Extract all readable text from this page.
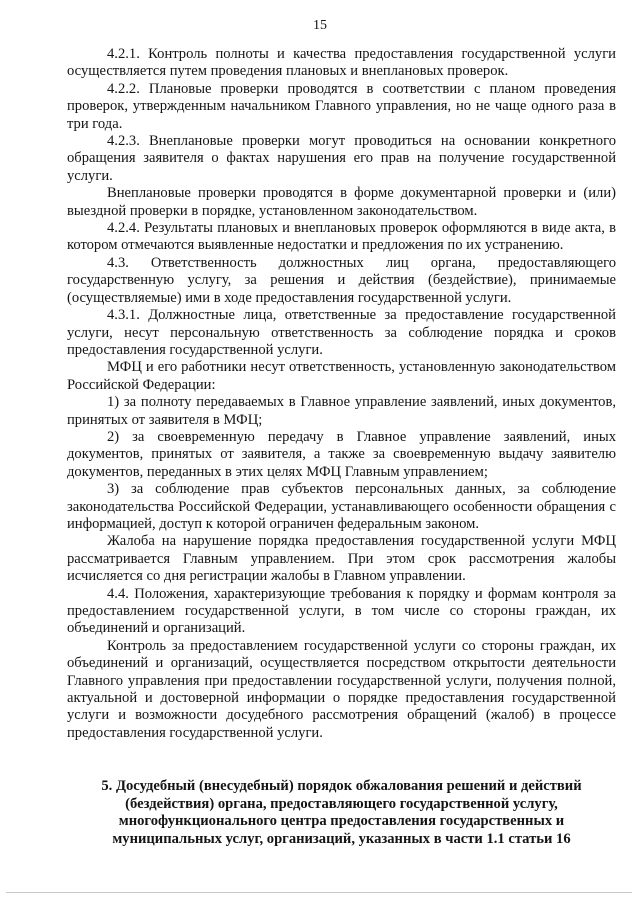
15

4.2.1. Контроль полноты и качества предоставления государственной услуги осуществляется путем проведения плановых и внеплановых проверок.

4.2.2. Плановые проверки проводятся в соответствии с планом проведения проверок, утвержденным начальником Главного управления, но не чаще одного раза в три года.

4.2.3. Внеплановые проверки могут проводиться на основании конкретного обращения заявителя о фактах нарушения его прав на получение государственной услуги.

Внеплановые проверки проводятся в форме документарной проверки и (или) выездной проверки в порядке, установленном законодательством.

4.2.4. Результаты плановых и внеплановых проверок оформляются в виде акта, в котором отмечаются выявленные недостатки и предложения по их устранению.

4.3. Ответственность должностных лиц органа, предоставляющего государственную услугу, за решения и действия (бездействие), принимаемые (осуществляемые) ими в ходе предоставления государственной услуги.

4.3.1. Должностные лица, ответственные за предоставление государственной услуги, несут персональную ответственность за соблюдение порядка и сроков предоставления государственной услуги.

МФЦ и его работники несут ответственность, установленную законодательством Российской Федерации:

1) за полноту передаваемых в Главное управление заявлений, иных документов, принятых от заявителя в МФЦ;

2) за своевременную передачу в Главное управление заявлений, иных документов, принятых от заявителя, а также за своевременную выдачу заявителю документов, переданных в этих целях МФЦ Главным управлением;

3) за соблюдение прав субъектов персональных данных, за соблюдение законодательства Российской Федерации, устанавливающего особенности обращения с информацией, доступ к которой ограничен федеральным законом.

Жалоба на нарушение порядка предоставления государственной услуги МФЦ рассматривается Главным управлением. При этом срок рассмотрения жалобы исчисляется со дня регистрации жалобы в Главном управлении.

4.4. Положения, характеризующие требования к порядку и формам контроля за предоставлением государственной услуги, в том числе со стороны граждан, их объединений и организаций.

Контроль за предоставлением государственной услуги со стороны граждан, их объединений и организаций, осуществляется посредством открытости деятельности Главного управления при предоставлении государственной услуги, получения полной, актуальной и достоверной информации о порядке предоставления государственной услуги и возможности досудебного рассмотрения обращений (жалоб) в процессе предоставления государственной услуги.

5. Досудебный (внесудебный) порядок обжалования решений и действий (бездействия) органа, предоставляющего государственной услугу, многофункционального центра предоставления государственных и муниципальных услуг, организаций, указанных в части 1.1 статьи 16
